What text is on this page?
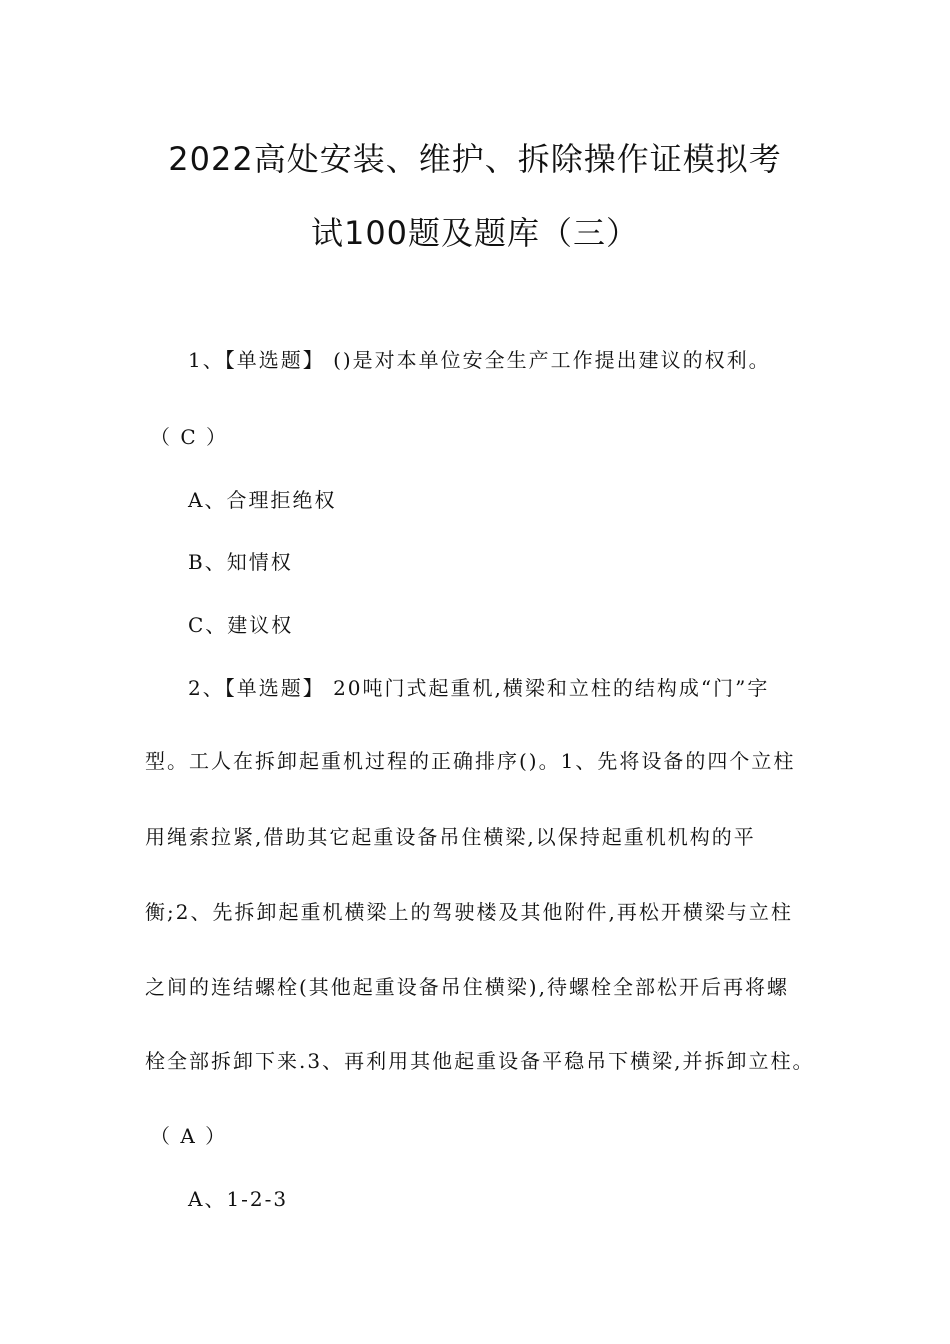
2022高处安装、维护、拆除操作证模拟考
试100题及题库（三）
1、【单选题】 ()是对本单位安全生产工作提出建议的权利。
（ C ）
A、合理拒绝权
B、知情权
C、建议权
2、【单选题】 20吨门式起重机,横梁和立柱的结构成“门”字
型。工人在拆卸起重机过程的正确排序()。1、先将设备的四个立柱
用绳索拉紧,借助其它起重设备吊住横梁,以保持起重机机构的平
衡;2、先拆卸起重机横梁上的驾驶楼及其他附件,再松开横梁与立柱
之间的连结螺栓(其他起重设备吊住横梁),待螺栓全部松开后再将螺
栓全部拆卸下来.3、再利用其他起重设备平稳吊下横梁,并拆卸立柱。
（ A ）
A、1-2-3
